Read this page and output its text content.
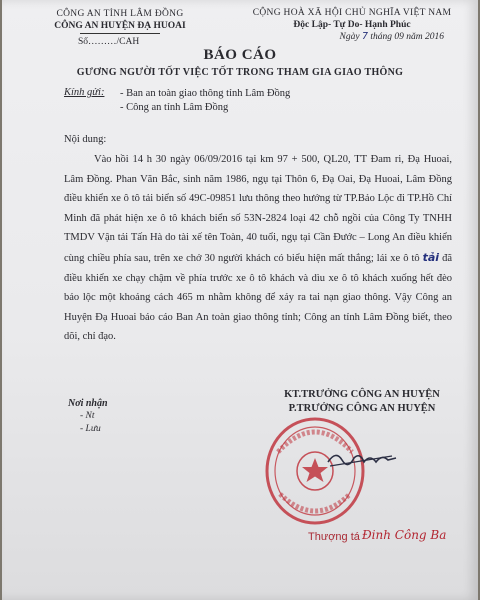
CÔNG AN TỈNH LÂM ĐỒNG
CÔNG AN HUYỆN ĐẠ HUOAI
Số………/CAH
CỘNG HOÀ XÃ HỘI CHỦ NGHĨA VIỆT NAM
Độc Lập- Tự Do- Hạnh Phúc
Ngày 7 tháng 09 năm 2016
BÁO CÁO
GƯƠNG NGƯỜI TỐT VIỆC TỐT TRONG THAM GIA GIAO THÔNG
Kính gửi: - Ban an toàn giao thông tỉnh Lâm Đồng
- Công an tỉnh Lâm Đồng
Nội dung:
Vào hồi 14 h 30 ngày 06/09/2016 tại km 97 + 500, QL20, TT Đam ri, Đạ Huoai, Lâm Đồng. Phan Văn Bắc, sinh năm 1986, ngụ tại Thôn 6, Đạ Oai, Đạ Huoai, Lâm Đồng điều khiển xe ô tô tải biển số 49C-09851 lưu thông theo hướng từ TP.Bảo Lộc đi TP.Hồ Chí Minh đã phát hiện xe ô tô khách biển số 53N-2824 loại 42 chỗ ngồi của Công Ty TNHH TMDV Vận tải Tấn Hà do tài xế tên Toàn, 40 tuổi, ngụ tại Cần Đước – Long An điều khiển cùng chiều phía sau, trên xe chở 30 người khách có biểu hiện mất thắng; lái xe ô tô tải đã điều khiển xe chạy chậm về phía trước xe ô tô khách và dìu xe ô tô khách xuống hết đèo bảo lộc một khoảng cách 465 m nhằm không để xảy ra tai nạn giao thông. Vậy Công an Huyện Đạ Huoai báo cáo Ban An toàn giao thông tỉnh; Công an tỉnh Lâm Đồng biết, theo dõi, chỉ đạo.
Nơi nhận
- Nt
- Lưu
KT.TRƯỞNG CÔNG AN HUYỆN
P.TRƯỞNG CÔNG AN HUYỆN
Thượng tá Đinh Công Ba
